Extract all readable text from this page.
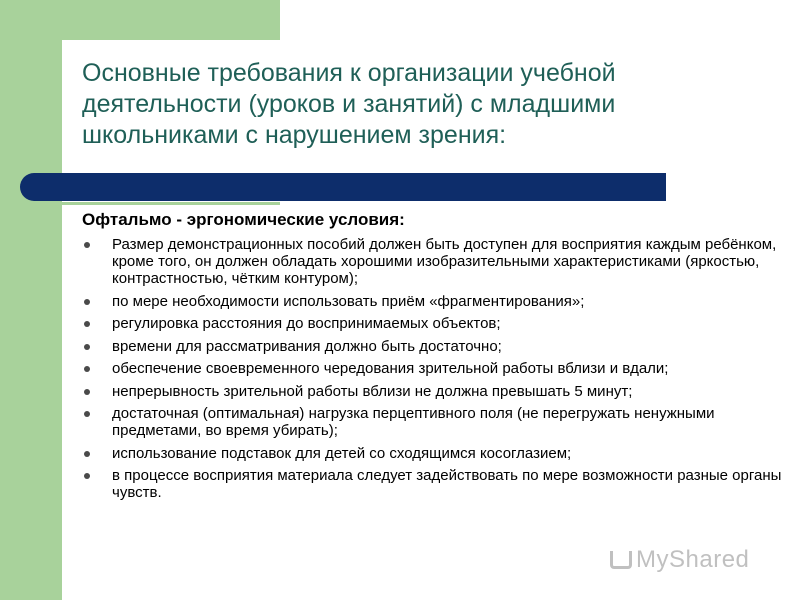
Основные требования к организации учебной деятельности (уроков и занятий) с младшими школьниками с нарушением зрения:

Офтальмо - эргономические условия:

Размер демонстрационных пособий должен быть доступен для восприятия каждым ребёнком, кроме того, он должен обладать хорошими изобразительными характеристиками (яркостью, контрастностью, чётким контуром);
по мере необходимости использовать приём «фрагментирования»;
регулировка расстояния до воспринимаемых объектов;
времени для рассматривания должно быть достаточно;
обеспечение своевременного чередования зрительной работы вблизи и вдали;
непрерывность зрительной работы вблизи не должна превышать 5 минут;
достаточная (оптимальная) нагрузка перцептивного поля (не перегружать ненужными предметами, во время убирать);
использование подставок для детей со сходящимся косоглазием;
в процессе восприятия материала следует задействовать по мере возможности разные органы чувств.
MyShared
